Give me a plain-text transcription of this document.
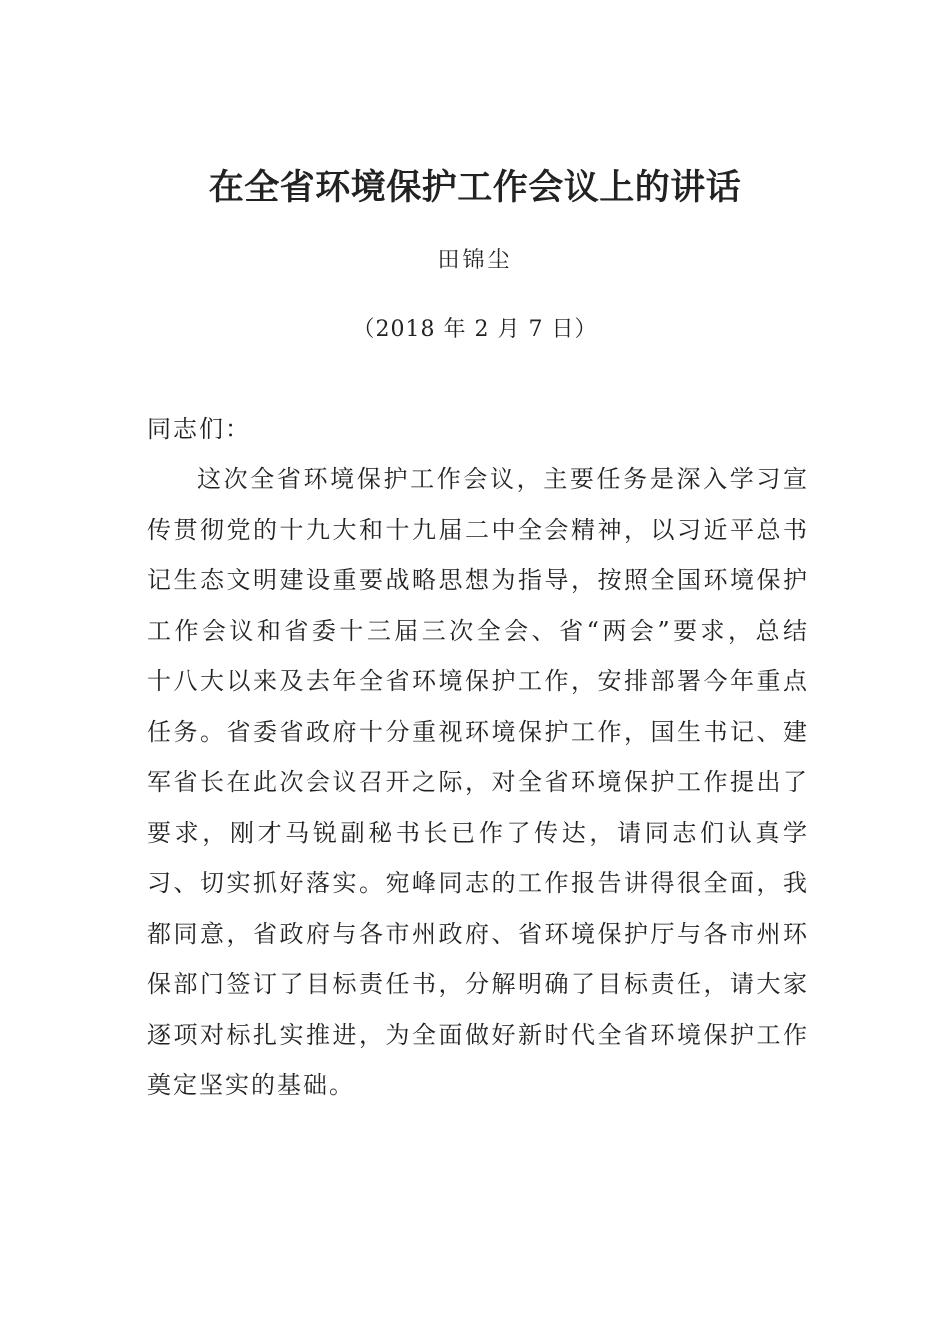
在全省环境保护工作会议上的讲话
田锦尘
（2018 年 2 月 7 日）
同志们：
这次全省环境保护工作会议，主要任务是深入学习宣
传贯彻党的十九大和十九届二中全会精神，以习近平总书
记生态文明建设重要战略思想为指导，按照全国环境保护
工作会议和省委十三届三次全会、省“两会”要求，总结
十八大以来及去年全省环境保护工作，安排部署今年重点
任务。省委省政府十分重视环境保护工作，国生书记、建
军省长在此次会议召开之际，对全省环境保护工作提出了
要求，刚才马锐副秘书长已作了传达，请同志们认真学
习、切实抓好落实。宛峰同志的工作报告讲得很全面，我
都同意，省政府与各市州政府、省环境保护厅与各市州环
保部门签订了目标责任书，分解明确了目标责任，请大家
逐项对标扎实推进，为全面做好新时代全省环境保护工作
奠定坚实的基础。
